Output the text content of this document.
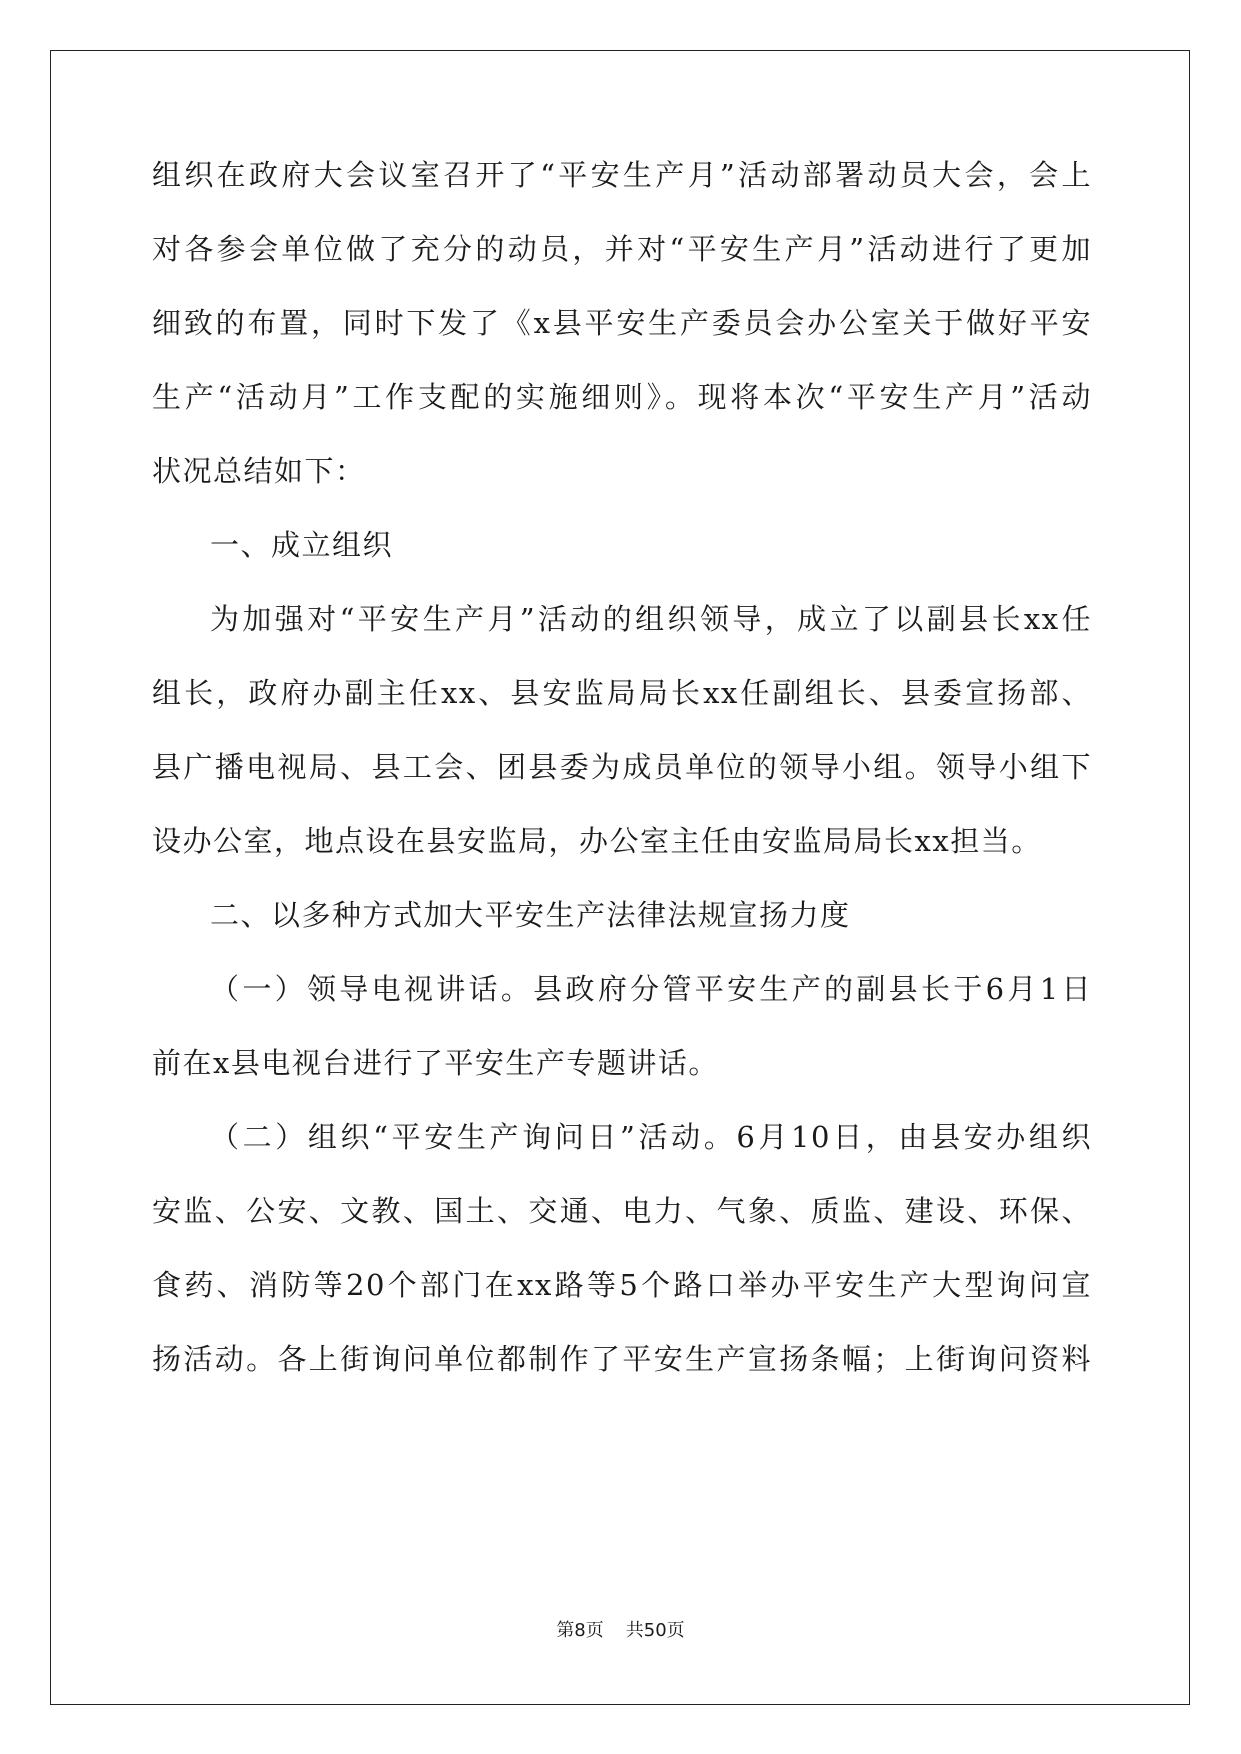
组织在政府大会议室召开了“平安生产月”活动部署动员大会，会上
对各参会单位做了充分的动员，并对“平安生产月”活动进行了更加
细致的布置，同时下发了《x县平安生产委员会办公室关于做好平安
生产“活动月”工作支配的实施细则》。现将本次“平安生产月”活动
状况总结如下：
一、成立组织
为加强对“平安生产月”活动的组织领导，成立了以副县长xx任
组长，政府办副主任xx、县安监局局长xx任副组长、县委宣扬部、
县广播电视局、县工会、团县委为成员单位的领导小组。领导小组下
设办公室，地点设在县安监局，办公室主任由安监局局长xx担当。
二、以多种方式加大平安生产法律法规宣扬力度
（一）领导电视讲话。县政府分管平安生产的副县长于6月1日
前在x县电视台进行了平安生产专题讲话。
（二）组织“平安生产询问日”活动。6月10日，由县安办组织
安监、公安、文教、国土、交通、电力、气象、质监、建设、环保、
食药、消防等20个部门在xx路等5个路口举办平安生产大型询问宣
扬活动。各上街询问单位都制作了平安生产宣扬条幅；上街询问资料
第8页 共50页
